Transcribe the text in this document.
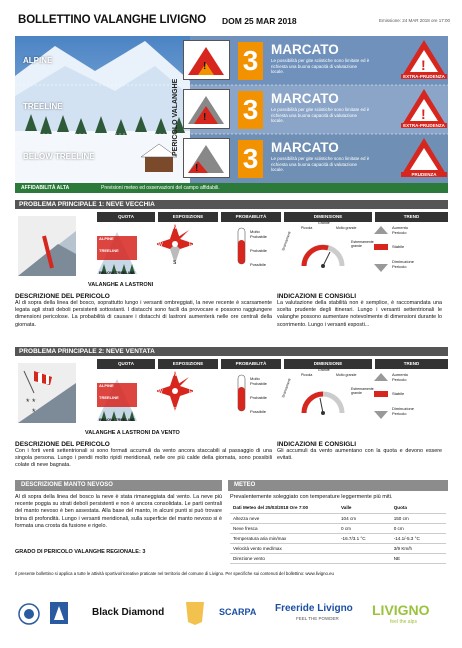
BOLLETTINO VALANGHE LIVIGNO DOM 25 MAR 2018	Emissione: 24 MAR 2018 ore 17:00
PERICOLO VALANGHE
ALPINE
! 3 MARCATO
Le possibilità per gite sciistiche sono limitate ed è richiesta una buona capacità di valutazione locale.	!
EXTRA-PRUDENZA
TREELINE
! 3 MARCATO
Le possibilità per gite sciistiche sono limitate ed è richiesta una buona capacità di valutazione locale.	!
EXTRA-PRUDENZA
BELOW TREELINE
! 3 MARCATO
Le possibilità per gite sciistiche sono limitate ed è richiesta una buona capacità di valutazione locale.
PRUDENZA
AFFIDABILITÀ ALTA	Previsioni meteo ed osservazioni del campo affidabili.
PROBLEMA PRINCIPALE 1: NEVE VECCHIA
QUOTA	ESPOSIZIONE	PROBABILITÀ	DIMENSIONE	TREND
ALPINE
TREELINE
BELOW TREELINE
N
E
S
W
Molto Probabile
Probabile
Possibile
Scaricamenti
Piccola
Grande
Molto grande
Estremamente grande
Aumento Pericolo
Stabile
Diminuzione Pericolo
VALANGHE A LASTRONI
DESCRIZIONE DEL PERICOLO
Al di sopra della linea del bosco, soprattutto lungo i versanti ombreggiati, la neve recente è scarsamente legata agli strati deboli persistenti sottostanti. I distacchi sono facili da provocare e possono raggiungere dimensioni pericolose. La probabilità di causare i distacchi di lastroni aumenterà nelle ore centrali della giornata.
INDICAZIONI E CONSIGLI
La valutazione della stabilità non è semplice, è raccomandata una scelta prudente degli itinerari. Lungo i versanti settentrionali le valanghe possono aumentare notevolmente di dimensioni durante lo scorrimento. Lungo i versanti esposti...
PROBLEMA PRINCIPALE 2: NEVE VENTATA
QUOTA	ESPOSIZIONE	PROBABILITÀ	DIMENSIONE	TREND
* *
*
ALPINE
TREELINE
BELOW TREELINE
N
E
S
W
Molto Probabile
Probabile
Possibile
Scaricamenti
Piccola
Grande
Molto grande
Estremamente grande
Aumento Pericolo
Stabile
Diminuzione Pericolo
VALANGHE A LASTRONI DA VENTO
DESCRIZIONE DEL PERICOLO
Con i forti venti settentrionali si sono formati accumuli da vento ancora staccabili al passaggio di una singola persona. Lungo i pendii molto ripidi meridionali, nelle ore più calde della giornata, sono possibili colate di neve bagnata.
INDICAZIONI E CONSIGLI
Gli accumuli da vento aumentano con la quota e devono essere evitati.
DESCRIZIONE MANTO NEVOSO
Al di sopra della linea del bosco la neve è stata rimaneggiata dal vento. La neve più recente poggia su strati deboli persistenti e non è ancora consolidata. Le parti centrali del manto nevoso è ben assestata. Alla base del manto, in alcuni punti si può trovare brina di profondità. Lungo i versanti meridionali, sulla superficie del manto nevoso si è formata una crosta da fusione e rigelo.
GRADO DI PERICOLO VALANGHE REGIONALE: 3
METEO
Prevalentemente soleggiato con temperature leggermente più miti.
Dati Meteo del 25/03/2018 Ore 7:00	Valle	Quota
Altezza neve	104 cm	150 cm
Neve fresca	0 cm	0 cm
Temperatura aria min/max	-16.7/3.1 °C	-14.1/-5.3 °C
Velocità vento med/max		3/9 Km/h
Direzione vento		NE
Il presente bollettino si applica a tutte le attività sportivo/ricreative praticate nel territorio del comune di Livigno. Per specifiche sui contenuti del bollettino: www.livigno.eu
Black Diamond	SCARPA Freeride Livigno
FEEL THE POWDER
LIVIGNO
feel the alps
